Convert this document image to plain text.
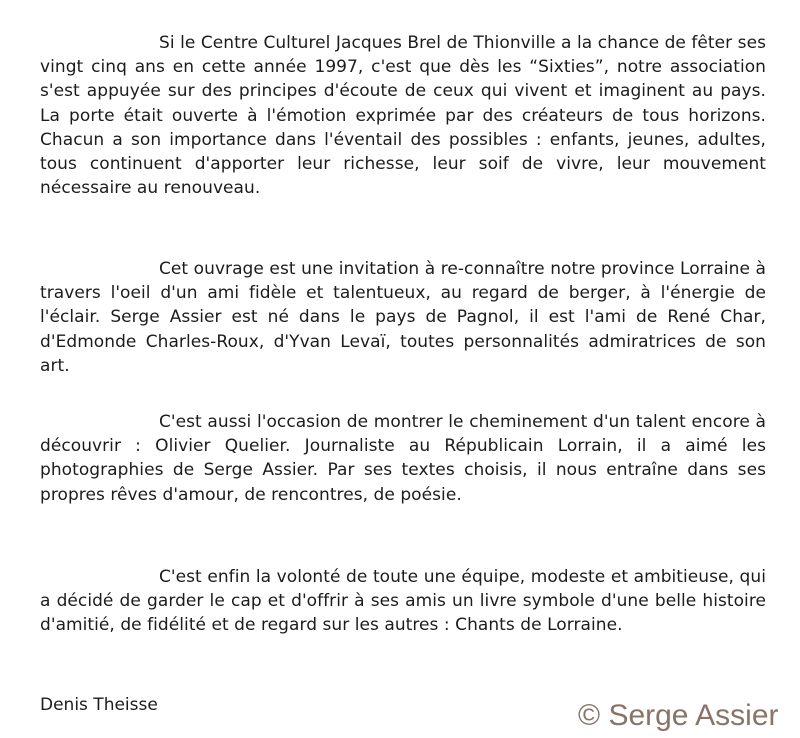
Si le Centre Culturel Jacques Brel de Thionville a la chance de fêter ses vingt cinq ans en cette année 1997, c'est que dès les “Sixties”, notre association s'est appuyée sur des principes d'écoute de ceux qui vivent et imaginent au pays. La porte était ouverte à l'émotion exprimée par des créateurs de tous horizons. Chacun a son importance dans l'éventail des possibles : enfants, jeunes, adultes, tous continuent d'apporter leur richesse, leur soif de vivre, leur mouvement nécessaire au renouveau.

Cet ouvrage est une invitation à re-connaître notre province Lorraine à travers l'oeil d'un ami fidèle et talentueux, au regard de berger, à l'énergie de l'éclair. Serge Assier est né dans le pays de Pagnol, il est l'ami de René Char, d'Edmonde Charles-Roux, d'Yvan Levaï, toutes personnalités admiratrices de son art.

C'est aussi l'occasion de montrer le cheminement d'un talent encore à découvrir : Olivier Quelier. Journaliste au Républicain Lorrain, il a aimé les photographies de Serge Assier. Par ses textes choisis, il nous entraîne dans ses propres rêves d'amour, de rencontres, de poésie.

C'est enfin la volonté de toute une équipe, modeste et ambitieuse, qui a décidé de garder le cap et d'offrir à ses amis un livre symbole d'une belle histoire d'amitié, de fidélité et de regard sur les autres : Chants de Lorraine.

Denis Theisse	© Serge Assier
